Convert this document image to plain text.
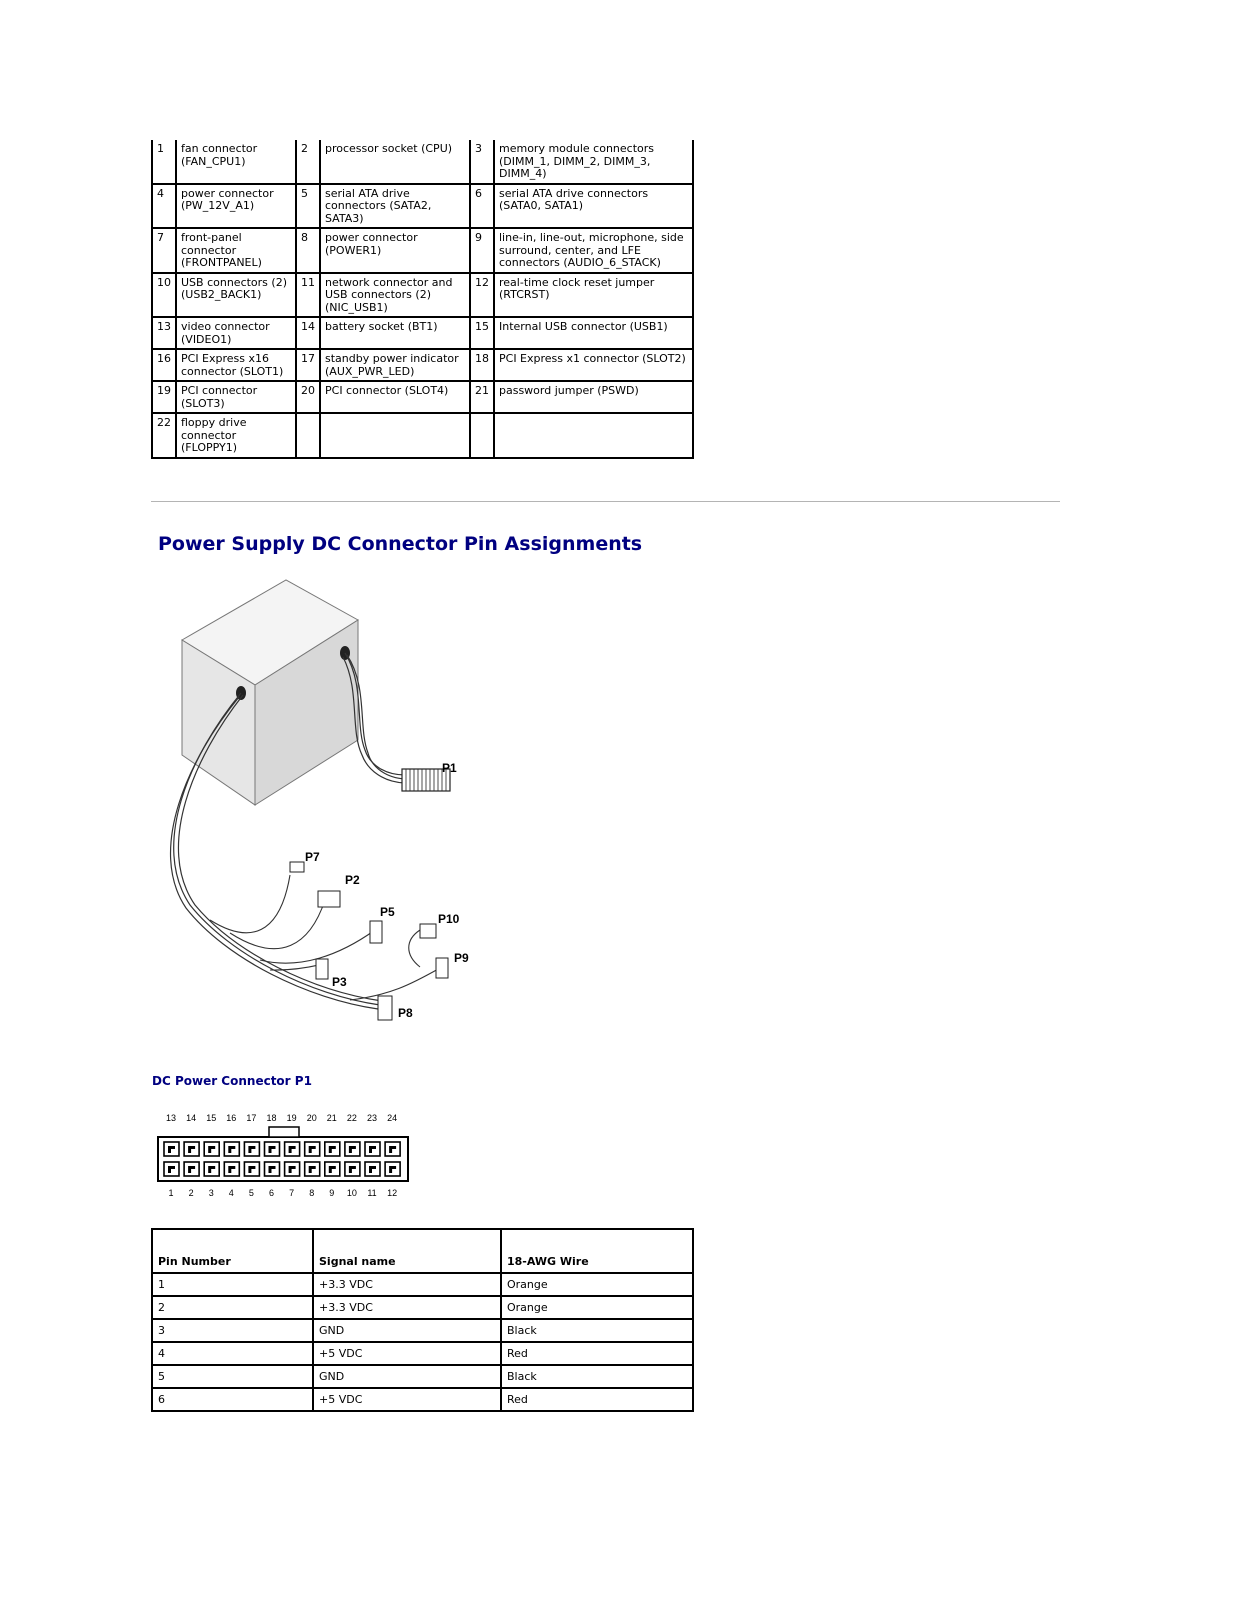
1	fan connector (FAN_CPU1)	2	processor socket (CPU)	3	memory module connectors (DIMM_1, DIMM_2, DIMM_3, DIMM_4)
4	power connector (PW_12V_A1)	5	serial ATA drive connectors (SATA2, SATA3)	6	serial ATA drive connectors (SATA0, SATA1)
7	front-panel connector (FRONTPANEL)	8	power connector (POWER1)	9	line-in, line-out, microphone, side surround, center, and LFE connectors (AUDIO_6_STACK)
10	USB connectors (2) (USB2_BACK1)	11	network connector and USB connectors (2) (NIC_USB1)	12	real-time clock reset jumper (RTCRST)
13	video connector (VIDEO1)	14	battery socket (BT1)	15	Internal USB connector (USB1)
16	PCI Express x16 connector (SLOT1)	17	standby power indicator (AUX_PWR_LED)	18	PCI Express x1 connector (SLOT2)
19	PCI connector (SLOT3)	20	PCI connector (SLOT4)	21	password jumper (PSWD)
22	floppy drive connector (FLOPPY1)				
Power Supply DC Connector Pin Assignments
P1
P7
P2
P5	P10
P9
P3
P8
DC Power Connector P1
13 14 15 16 17 18 19 20 21 22 23 24
1 2 3 4 5 6 7 8 9 10 11 12
Pin Number	Signal name	18-AWG Wire
1	+3.3 VDC	Orange
2	+3.3 VDC	Orange
3	GND	Black
4	+5 VDC	Red
5	GND	Black
6	+5 VDC	Red
